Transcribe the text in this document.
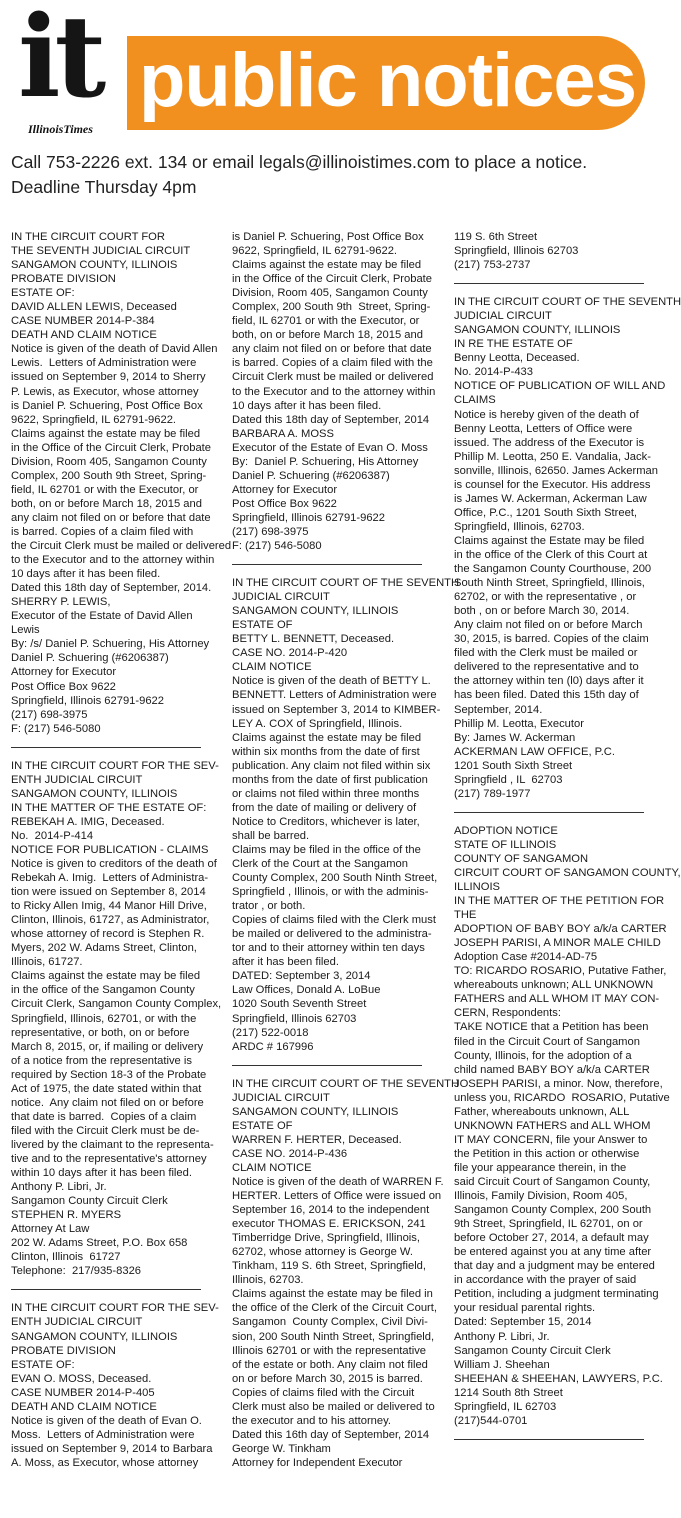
it
IllinoisTimes
public notices
Call 753-2226 ext. 134 or email legals@illinoistimes.com to place a notice.
Deadline Thursday 4pm

IN THE CIRCUIT COURT FOR
THE SEVENTH JUDICIAL CIRCUIT
SANGAMON COUNTY, ILLINOIS
PROBATE DIVISION
ESTATE OF:
DAVID ALLEN LEWIS, Deceased
CASE NUMBER 2014-P-384
DEATH AND CLAIM NOTICE
Notice is given of the death of David Allen
Lewis.  Letters of Administration were
issued on September 9, 2014 to Sherry
P. Lewis, as Executor, whose attorney
is Daniel P. Schuering, Post Office Box
9622, Springfield, IL 62791-9622.
Claims against the estate may be filed
in the Office of the Circuit Clerk, Probate
Division, Room 405, Sangamon County
Complex, 200 South 9th Street, Spring-
field, IL 62701 or with the Executor, or
both, on or before March 18, 2015 and
any claim not filed on or before that date
is barred. Copies of a claim filed with
the Circuit Clerk must be mailed or delivered
to the Executor and to the attorney within
10 days after it has been filed.
Dated this 18th day of September, 2014.
SHERRY P. LEWIS,
Executor of the Estate of David Allen
Lewis
By: /s/ Daniel P. Schuering, His Attorney
Daniel P. Schuering (#6206387)
Attorney for Executor
Post Office Box 9622
Springfield, Illinois 62791-9622
(217) 698-3975
F: (217) 546-5080

IN THE CIRCUIT COURT FOR THE SEV-
ENTH JUDICIAL CIRCUIT
SANGAMON COUNTY, ILLINOIS
IN THE MATTER OF THE ESTATE OF:
REBEKAH A. IMIG, Deceased.
No.  2014-P-414
NOTICE FOR PUBLICATION - CLAIMS
Notice is given to creditors of the death of
Rebekah A. Imig.  Letters of Administra-
tion were issued on September 8, 2014
to Ricky Allen Imig, 44 Manor Hill Drive,
Clinton, Illinois, 61727, as Administrator,
whose attorney of record is Stephen R.
Myers, 202 W. Adams Street, Clinton,
Illinois, 61727.
Claims against the estate may be filed
in the office of the Sangamon County
Circuit Clerk, Sangamon County Complex,
Springfield, Illinois, 62701, or with the
representative, or both, on or before
March 8, 2015, or, if mailing or delivery
of a notice from the representative is
required by Section 18-3 of the Probate
Act of 1975, the date stated within that
notice.  Any claim not filed on or before
that date is barred.  Copies of a claim
filed with the Circuit Clerk must be de-
livered by the claimant to the representa-
tive and to the representative's attorney
within 10 days after it has been filed.
Anthony P. Libri, Jr.
Sangamon County Circuit Clerk
STEPHEN R. MYERS
Attorney At Law
202 W. Adams Street, P.O. Box 658
Clinton, Illinois  61727
Telephone:  217/935-8326

IN THE CIRCUIT COURT FOR THE SEV-
ENTH JUDICIAL CIRCUIT
SANGAMON COUNTY, ILLINOIS
PROBATE DIVISION
ESTATE OF:
EVAN O. MOSS, Deceased.
CASE NUMBER 2014-P-405
DEATH AND CLAIM NOTICE
Notice is given of the death of Evan O.
Moss.  Letters of Administration were
issued on September 9, 2014 to Barbara
A. Moss, as Executor, whose attorney

is Daniel P. Schuering, Post Office Box
9622, Springfield, IL 62791-9622.
Claims against the estate may be filed
in the Office of the Circuit Clerk, Probate
Division, Room 405, Sangamon County
Complex, 200 South 9th  Street, Spring-
field, IL 62701 or with the Executor, or
both, on or before March 18, 2015 and
any claim not filed on or before that date
is barred. Copies of a claim filed with the
Circuit Clerk must be mailed or delivered
to the Executor and to the attorney within
10 days after it has been filed.
Dated this 18th day of September, 2014
BARBARA A. MOSS
Executor of the Estate of Evan O. Moss
By:  Daniel P. Schuering, His Attorney
Daniel P. Schuering (#6206387)
Attorney for Executor
Post Office Box 9622
Springfield, Illinois 62791-9622
(217) 698-3975
F: (217) 546-5080

IN THE CIRCUIT COURT OF THE SEVENTH
JUDICIAL CIRCUIT
SANGAMON COUNTY, ILLINOIS
ESTATE OF
BETTY L. BENNETT, Deceased.
CASE NO. 2014-P-420
CLAIM NOTICE
Notice is given of the death of BETTY L.
BENNETT. Letters of Administration were
issued on September 3, 2014 to KIMBER-
LEY A. COX of Springfield, Illinois.
Claims against the estate may be filed
within six months from the date of first
publication. Any claim not filed within six
months from the date of first publication
or claims not filed within three months
from the date of mailing or delivery of
Notice to Creditors, whichever is later,
shall be barred.
Claims may be filed in the office of the
Clerk of the Court at the Sangamon
County Complex, 200 South Ninth Street,
Springfield , Illinois, or with the adminis-
trator , or both.
Copies of claims filed with the Clerk must
be mailed or delivered to the administra-
tor and to their attorney within ten days
after it has been filed.
DATED: September 3, 2014
Law Offices, Donald A. LoBue
1020 South Seventh Street
Springfield, Illinois 62703
(217) 522-0018
ARDC # 167996

IN THE CIRCUIT COURT OF THE SEVENTH
JUDICIAL CIRCUIT
SANGAMON COUNTY, ILLINOIS
ESTATE OF
WARREN F. HERTER, Deceased.
CASE NO. 2014-P-436
CLAIM NOTICE
Notice is given of the death of WARREN F.
HERTER. Letters of Office were issued on
September 16, 2014 to the independent
executor THOMAS E. ERICKSON, 241
Timberridge Drive, Springfield, Illinois,
62702, whose attorney is George W.
Tinkham, 119 S. 6th Street, Springfield,
Illinois, 62703.
Claims against the estate may be filed in
the office of the Clerk of the Circuit Court,
Sangamon  County Complex, Civil Divi-
sion, 200 South Ninth Street, Springfield,
Illinois 62701 or with the representative
of the estate or both. Any claim not filed
on or before March 30, 2015 is barred.
Copies of claims filed with the Circuit
Clerk must also be mailed or delivered to
the executor and to his attorney.
Dated this 16th day of September, 2014
George W. Tinkham
Attorney for Independent Executor

119 S. 6th Street
Springfield, Illinois 62703
(217) 753-2737

IN THE CIRCUIT COURT OF THE SEVENTH
JUDICIAL CIRCUIT
SANGAMON COUNTY, ILLINOIS
IN RE THE ESTATE OF
Benny Leotta, Deceased.
No. 2014-P-433
NOTICE OF PUBLICATION OF WILL AND
CLAIMS
Notice is hereby given of the death of
Benny Leotta, Letters of Office were
issued. The address of the Executor is
Phillip M. Leotta, 250 E. Vandalia, Jack-
sonville, Illinois, 62650. James Ackerman
is counsel for the Executor. His address
is James W. Ackerman, Ackerman Law
Office, P.C., 1201 South Sixth Street,
Springfield, Illinois, 62703.
Claims against the Estate may be filed
in the office of the Clerk of this Court at
the Sangamon County Courthouse, 200
South Ninth Street, Springfield, Illinois,
62702, or with the representative , or
both , on or before March 30, 2014.
Any claim not filed on or before March
30, 2015, is barred. Copies of the claim
filed with the Clerk must be mailed or
delivered to the representative and to
the attorney within ten (l0) days after it
has been filed. Dated this 15th day of
September, 2014.
Phillip M. Leotta, Executor
By: James W. Ackerman
ACKERMAN LAW OFFICE, P.C.
1201 South Sixth Street
Springfield , IL  62703
(217) 789-1977

ADOPTION NOTICE
STATE OF ILLINOIS
COUNTY OF SANGAMON
CIRCUIT COURT OF SANGAMON COUNTY,
ILLINOIS
IN THE MATTER OF THE PETITION FOR
THE
ADOPTION OF BABY BOY a/k/a CARTER
JOSEPH PARISI, A MINOR MALE CHILD
Adoption Case #2014-AD-75
TO: RICARDO ROSARIO, Putative Father,
whereabouts unknown; ALL UNKNOWN
FATHERS and ALL WHOM IT MAY CON-
CERN, Respondents:
TAKE NOTICE that a Petition has been
filed in the Circuit Court of Sangamon
County, Illinois, for the adoption of a
child named BABY BOY a/k/a CARTER
JOSEPH PARISI, a minor. Now, therefore,
unless you, RICARDO  ROSARIO, Putative
Father, whereabouts unknown, ALL
UNKNOWN FATHERS and ALL WHOM
IT MAY CONCERN, file your Answer to
the Petition in this action or otherwise
file your appearance therein, in the
said Circuit Court of Sangamon County,
Illinois, Family Division, Room 405,
Sangamon County Complex, 200 South
9th Street, Springfield, IL 62701, on or
before October 27, 2014, a default may
be entered against you at any time after
that day and a judgment may be entered
in accordance with the prayer of said
Petition, including a judgment terminating
your residual parental rights.
Dated: September 15, 2014
Anthony P. Libri, Jr.
Sangamon County Circuit Clerk
William J. Sheehan
SHEEHAN & SHEEHAN, LAWYERS, P.C.
1214 South 8th Street
Springfield, IL 62703
(217)544-0701
